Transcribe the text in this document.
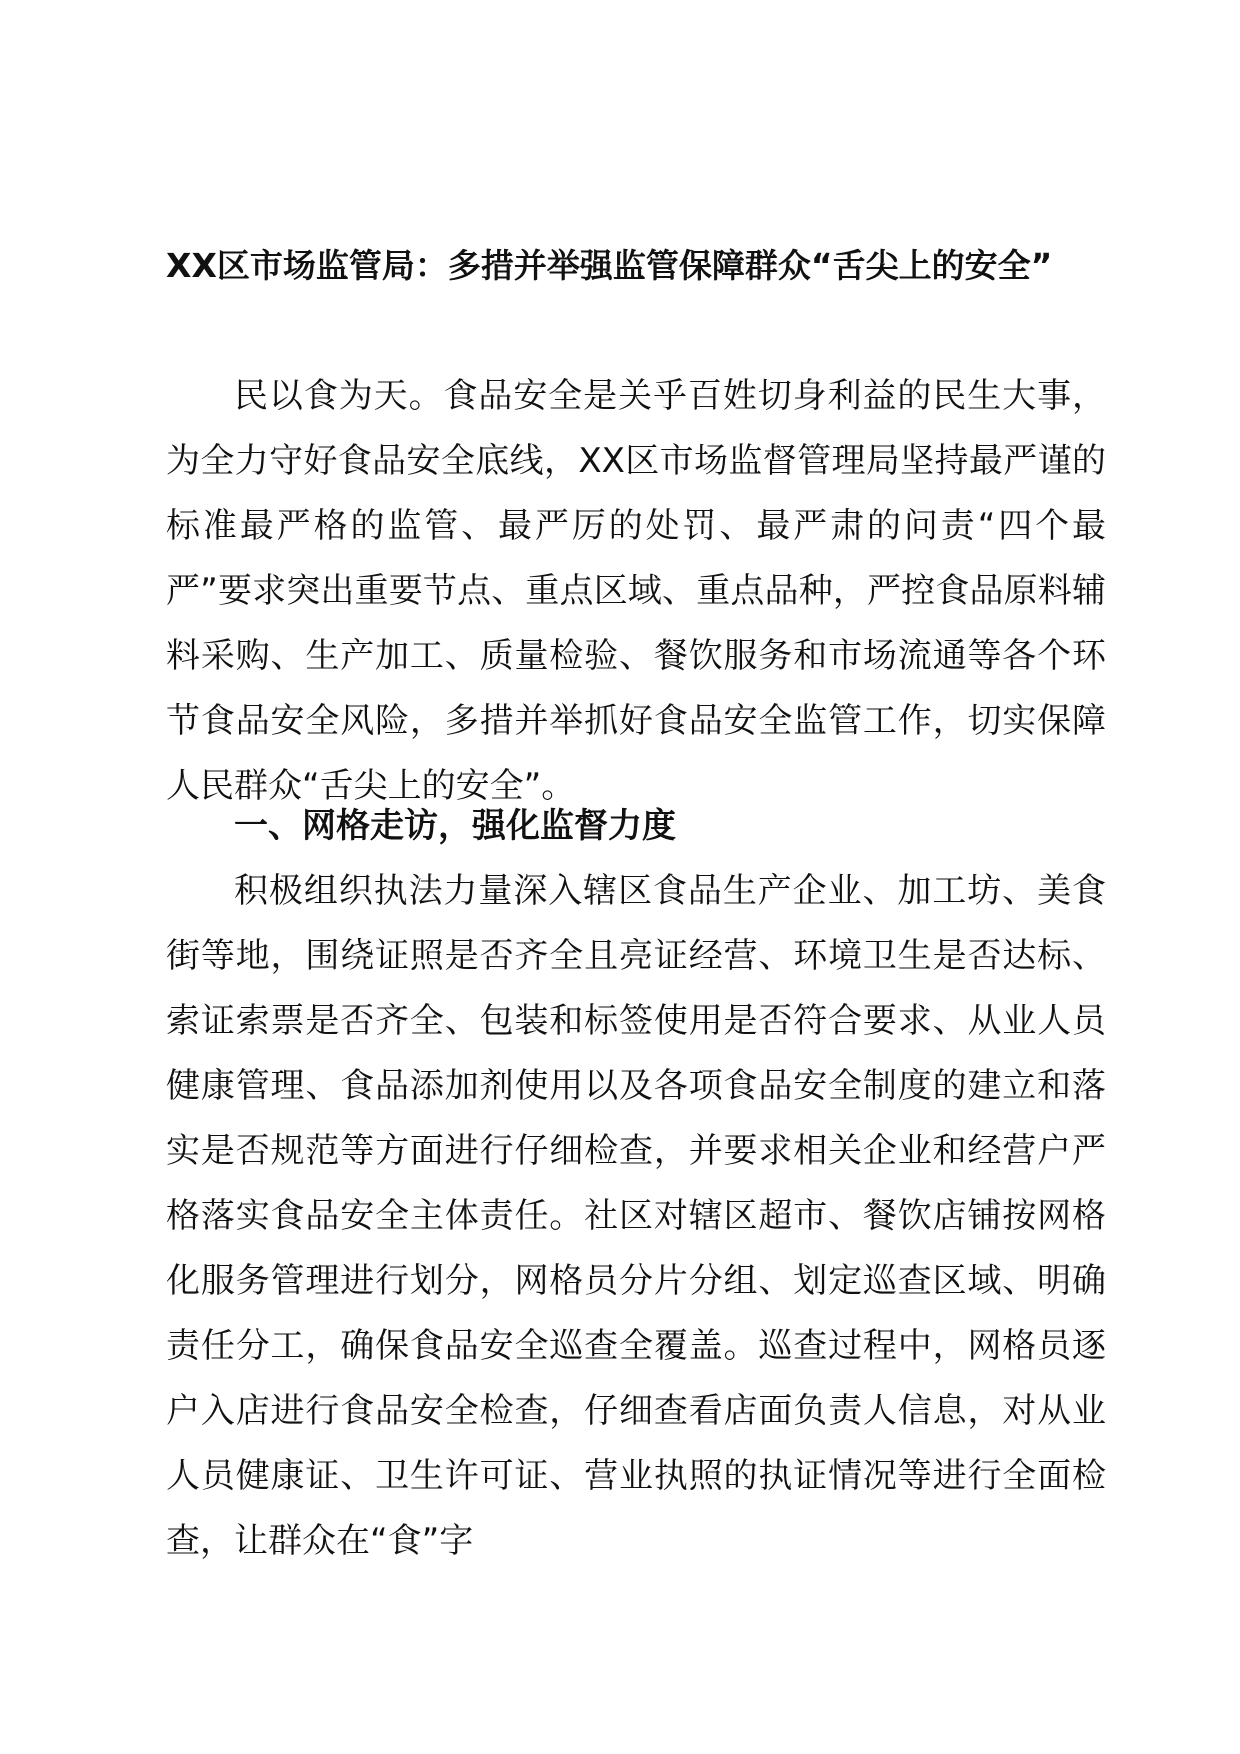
XX区市场监管局：多措并举强监管保障群众“舌尖上的安全”

民以食为天。食品安全是关乎百姓切身利益的民生大事，为全力守好食品安全底线，XX区市场监督管理局坚持最严谨的标准最严格的监管、最严厉的处罚、最严肃的问责“四个最严”要求突出重要节点、重点区域、重点品种，严控食品原料辅料采购、生产加工、质量检验、餐饮服务和市场流通等各个环节食品安全风险，多措并举抓好食品安全监管工作，切实保障人民群众“舌尖上的安全”。

一、网格走访，强化监督力度

积极组织执法力量深入辖区食品生产企业、加工坊、美食街等地，围绕证照是否齐全且亮证经营、环境卫生是否达标、索证索票是否齐全、包装和标签使用是否符合要求、从业人员健康管理、食品添加剂使用以及各项食品安全制度的建立和落实是否规范等方面进行仔细检查，并要求相关企业和经营户严格落实食品安全主体责任。社区对辖区超市、餐饮店铺按网格化服务管理进行划分，网格员分片分组、划定巡查区域、明确责任分工，确保食品安全巡查全覆盖。巡查过程中，网格员逐户入店进行食品安全检查，仔细查看店面负责人信息，对从业人员健康证、卫生许可证、营业执照的执证情况等进行全面检查，让群众在“食”字
